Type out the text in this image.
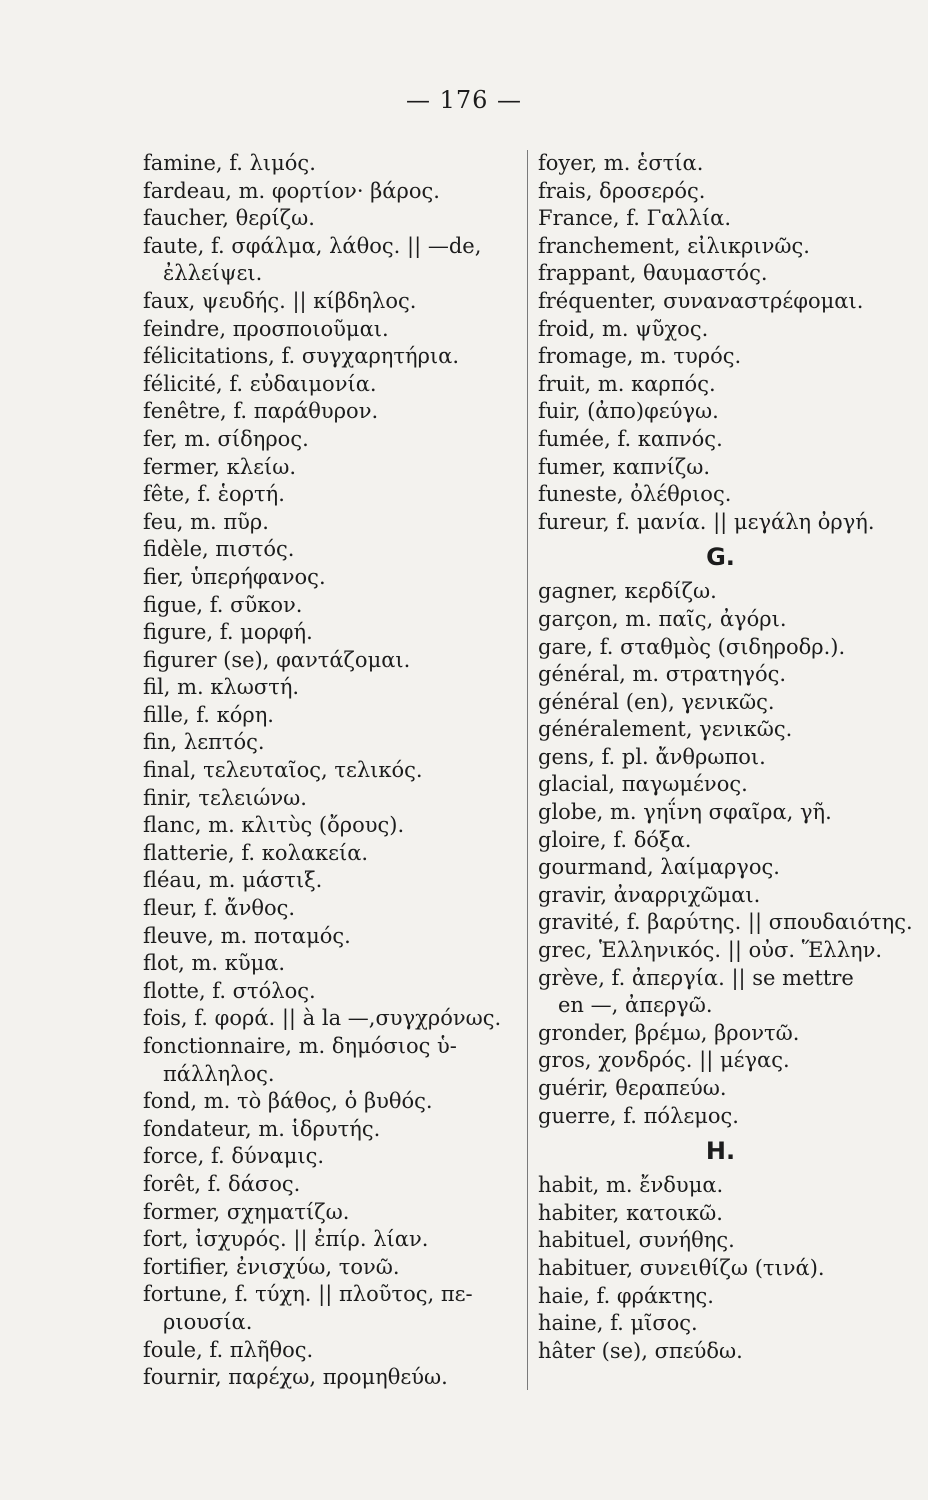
— 176 —
famine, f. λιμός.
fardeau, m. φορτίον· βάρος.
faucher, θερίζω.
faute, f. σφάλμα, λάθος. || —de,
ἐλλείψει.
faux, ψευδής. || κίβδηλος.
feindre, προσποιοῦμαι.
félicitations, f. συγχαρητήρια.
félicité, f. εὐδαιμονία.
fenêtre, f. παράθυρον.
fer, m. σίδηρος.
fermer, κλείω.
fête, f. ἑορτή.
feu, m. πῦρ.
fidèle, πιστός.
fier, ὑπερήφανος.
figue, f. σῦκον.
figure, f. μορφή.
figurer (se), φαντάζομαι.
fil, m. κλωστή.
fille, f. κόρη.
fin, λεπτός.
final, τελευταῖος, τελικός.
finir, τελειώνω.
flanc, m. κλιτὺς (ὄρους).
flatterie, f. κολακεία.
fléau, m. μάστιξ.
fleur, f. ἄνθος.
fleuve, m. ποταμός.
flot, m. κῦμα.
flotte, f. στόλος.
fois, f. φορά. || à la —,συγχρόνως.
fonctionnaire, m. δημόσιος ὑ-
πάλληλος.
fond, m. τὸ βάθος, ὁ βυθός.
fondateur, m. ἱδρυτής.
force, f. δύναμις.
forêt, f. δάσος.
former, σχηματίζω.
fort, ἰσχυρός. || ἐπίρ. λίαν.
fortifier, ἐνισχύω, τονῶ.
fortune, f. τύχη. || πλοῦτος, πε-
ριουσία.
foule, f. πλῆθος.
fournir, παρέχω, προμηθεύω.
foyer, m. ἑστία.
frais, δροσερός.
France, f. Γαλλία.
franchement, εἰλικρινῶς.
frappant, θαυμαστός.
fréquenter, συναναστρέφομαι.
froid, m. ψῦχος.
fromage, m. τυρός.
fruit, m. καρπός.
fuir, (ἀπο)φεύγω.
fumée, f. καπνός.
fumer, καπνίζω.
funeste, ὀλέθριος.
fureur, f. μανία. || μεγάλη ὀργή.
G.
gagner, κερδίζω.
garçon, m. παῖς, ἀγόρι.
gare, f. σταθμὸς (σιδηροδρ.).
général, m. στρατηγός.
général (en), γενικῶς.
généralement, γενικῶς.
gens, f. pl. ἄνθρωποι.
glacial, παγωμένος.
globe, m. γηΐνη σφαῖρα, γῆ.
gloire, f. δόξα.
gourmand, λαίμαργος.
gravir, ἀναρριχῶμαι.
gravité, f. βαρύτης. || σπουδαιότης.
grec, Ἑλληνικός. || οὐσ. Ἕλλην.
grève, f. ἀπεργία. || se mettre
en —, ἀπεργῶ.
gronder, βρέμω, βροντῶ.
gros, χονδρός. || μέγας.
guérir, θεραπεύω.
guerre, f. πόλεμος.
H.
habit, m. ἔνδυμα.
habiter, κατοικῶ.
habituel, συνήθης.
habituer, συνειθίζω (τινά).
haie, f. φράκτης.
haine, f. μῖσος.
hâter (se), σπεύδω.
